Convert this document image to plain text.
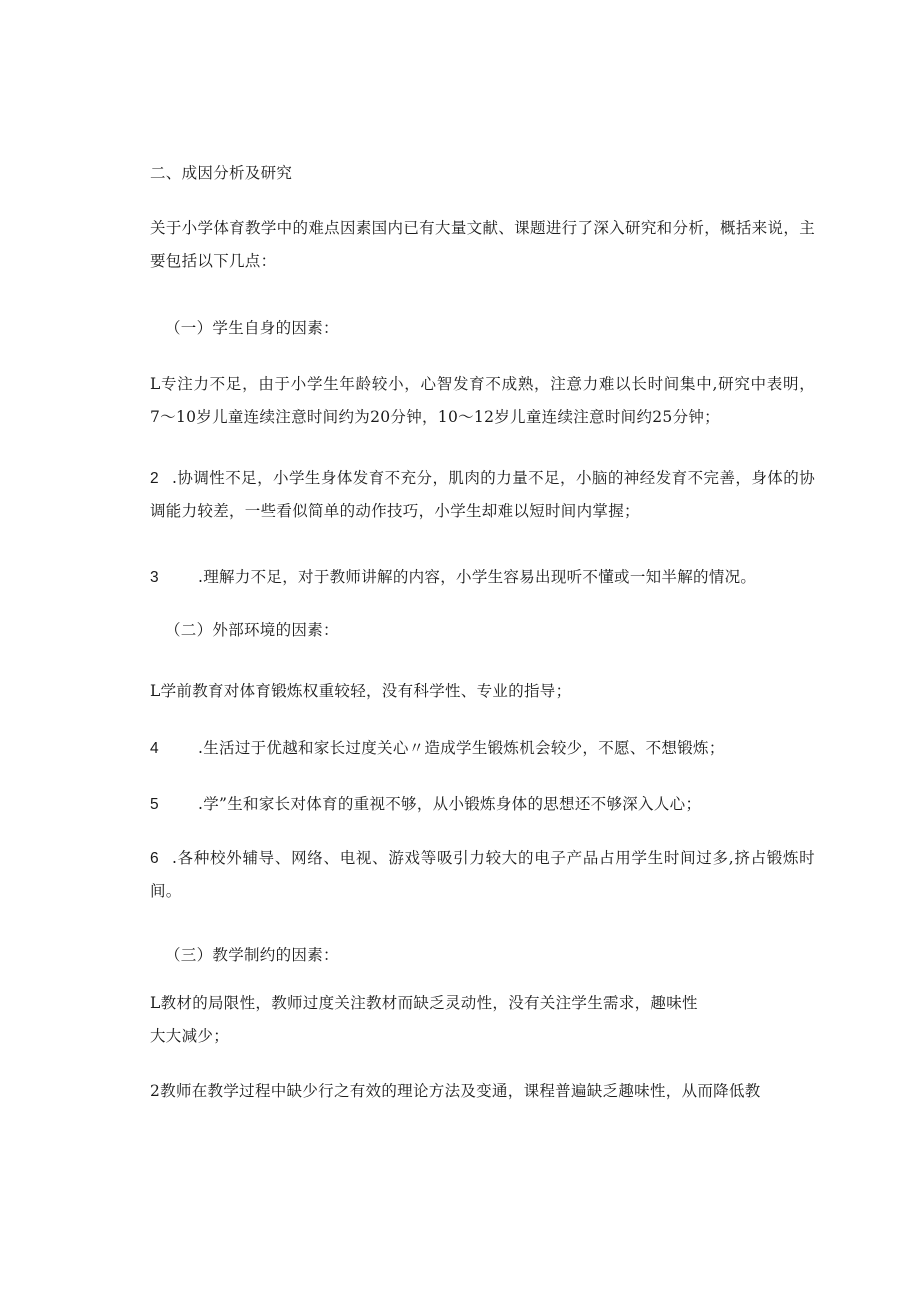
二、成因分析及研究
关于小学体育教学中的难点因素国内已有大量文献、课题进行了深入研究和分析，概括来说，主要包括以下几点：
（一）学生自身的因素：
L专注力不足，由于小学生年龄较小，心智发育不成熟，注意力难以长时间集中,研究中表明，7〜10岁儿童连续注意时间约为20分钟，10〜12岁儿童连续注意时间约25分钟；
2 .协调性不足，小学生身体发育不充分，肌肉的力量不足，小脑的神经发育不完善，身体的协调能力较差，一些看似简单的动作技巧，小学生却难以短时间内掌握；
3	.理解力不足，对于教师讲解的内容，小学生容易出现听不懂或一知半解的情况。
（二）外部环境的因素：
L学前教育对体育锻炼权重较轻，没有科学性、专业的指导；
4	.生活过于优越和家长过度关心〃造成学生锻炼机会较少，不愿、不想锻炼；
5	.学”生和家长对体育的重视不够，从小锻炼身体的思想还不够深入人心；
6 .各种校外辅导、网络、电视、游戏等吸引力较大的电子产品占用学生时间过多,挤占锻炼时间。
（三）教学制约的因素：
L教材的局限性，教师过度关注教材而缺乏灵动性，没有关注学生需求，趣味性
大大减少；
2教师在教学过程中缺少行之有效的理论方法及变通，课程普遍缺乏趣味性，从而降低教
